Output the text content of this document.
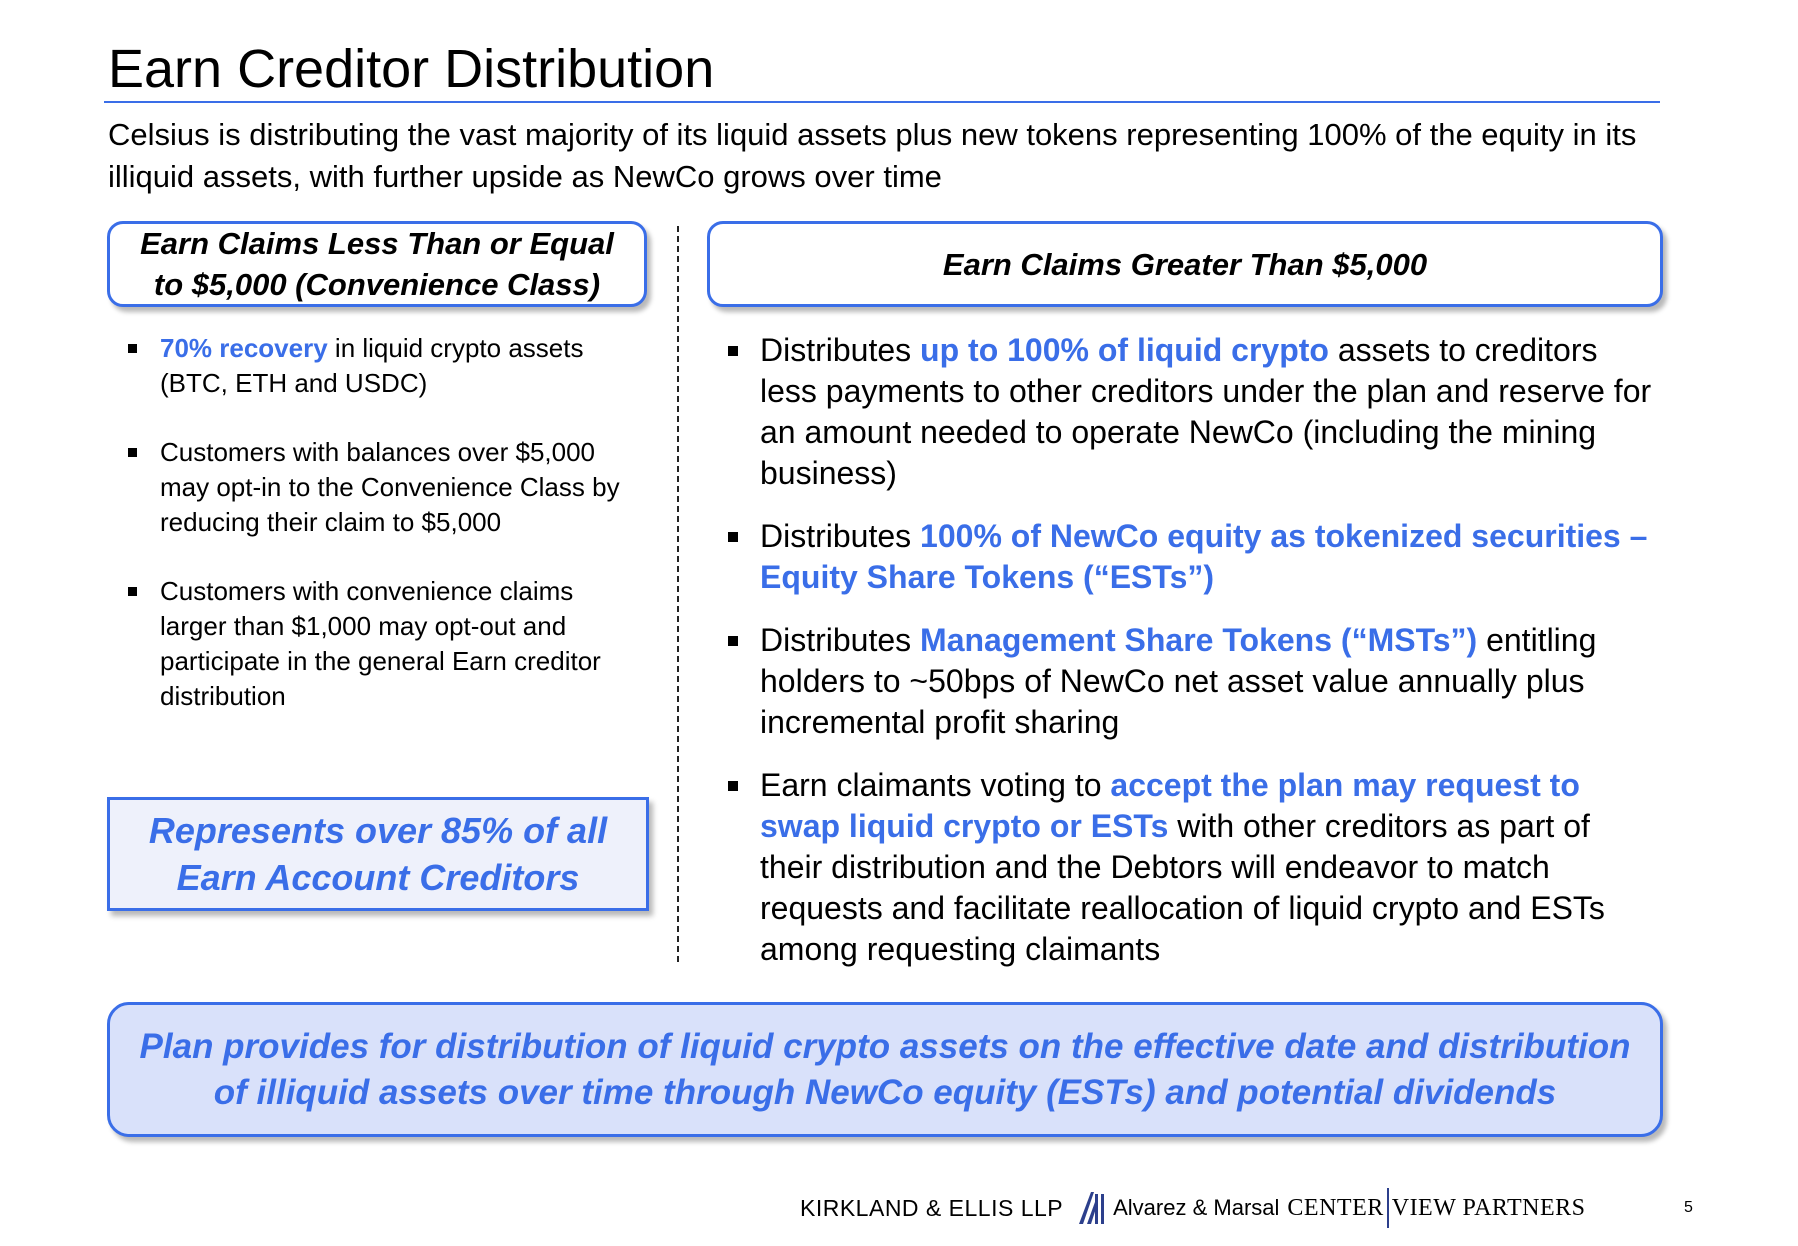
Earn Creditor Distribution
Celsius is distributing the vast majority of its liquid assets plus new tokens representing 100% of the equity in its illiquid assets, with further upside as NewCo grows over time
Earn Claims Less Than or Equal to $5,000 (Convenience Class)
Earn Claims Greater Than $5,000
70% recovery in liquid crypto assets (BTC, ETH and USDC)
Customers with balances over $5,000 may opt-in to the Convenience Class by reducing their claim to $5,000
Customers with convenience claims larger than $1,000 may opt-out and participate in the general Earn creditor distribution
Represents over 85% of all Earn Account Creditors
Distributes up to 100% of liquid crypto assets to creditors less payments to other creditors under the plan and reserve for an amount needed to operate NewCo (including the mining business)
Distributes 100% of NewCo equity as tokenized securities – Equity Share Tokens (“ESTs”)
Distributes Management Share Tokens (“MSTs”) entitling holders to ~50bps of NewCo net asset value annually plus incremental profit sharing
Earn claimants voting to accept the plan may request to swap liquid crypto or ESTs with other creditors as part of their distribution and the Debtors will endeavor to match requests and facilitate reallocation of liquid crypto and ESTs among requesting claimants
Plan provides for distribution of liquid crypto assets on the effective date and distribution of illiquid assets over time through NewCo equity (ESTs) and potential dividends
KIRKLAND & ELLIS LLP Alvarez & Marsal CENTER VIEW PARTNERS	5
